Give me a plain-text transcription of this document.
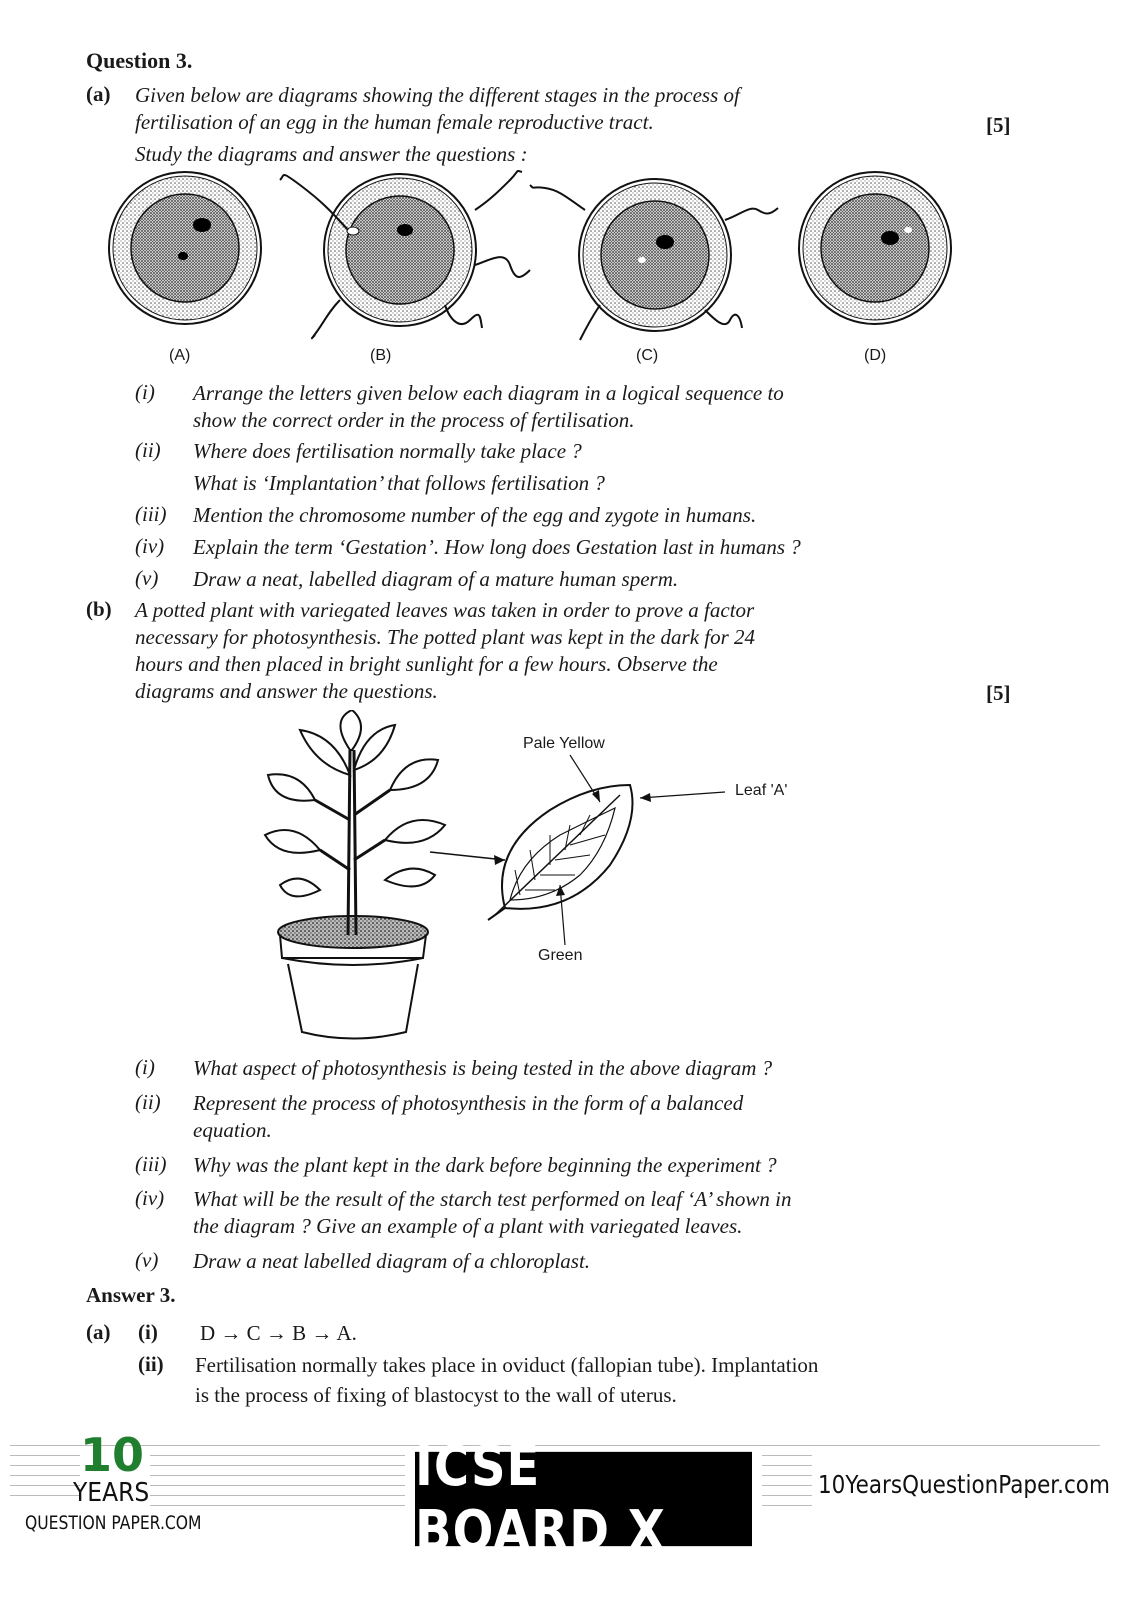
Question 3.
(a) Given below are diagrams showing the different stages in the process of
fertilisation of an egg in the human female reproductive tract.	[5]
Study the diagrams and answer the questions :
(A)	(B)	(C)	(D)
(i) Arrange the letters given below each diagram in a logical sequence to
show the correct order in the process of fertilisation.
(ii) Where does fertilisation normally take place ?
What is ‘Implantation’ that follows fertilisation ?
(iii) Mention the chromosome number of the egg and zygote in humans.
(iv) Explain the term ‘Gestation’. How long does Gestation last in humans ?
(v) Draw a neat, labelled diagram of a mature human sperm.
(b) A potted plant with variegated leaves was taken in order to prove a factor
necessary for photosynthesis. The potted plant was kept in the dark for 24
hours and then placed in bright sunlight for a few hours. Observe the
diagrams and answer the questions.	[5]
Pale Yellow
Leaf 'A'
Green
(i) What aspect of photosynthesis is being tested in the above diagram ?
(ii) Represent the process of photosynthesis in the form of a balanced
equation.
(iii) Why was the plant kept in the dark before beginning the experiment ?
(iv) What will be the result of the starch test performed on leaf ‘A’ shown in
the diagram ? Give an example of a plant with variegated leaves.
(v) Draw a neat labelled diagram of a chloroplast.
Answer 3.
(a) (i) D → C → B → A.
(ii) Fertilisation normally takes place in oviduct (fallopian tube). Implantation
is the process of fixing of blastocyst to the wall of uterus.
10
YEARS
QUESTION PAPER.COM
ICSE BOARD X
10YearsQuestionPaper.com
